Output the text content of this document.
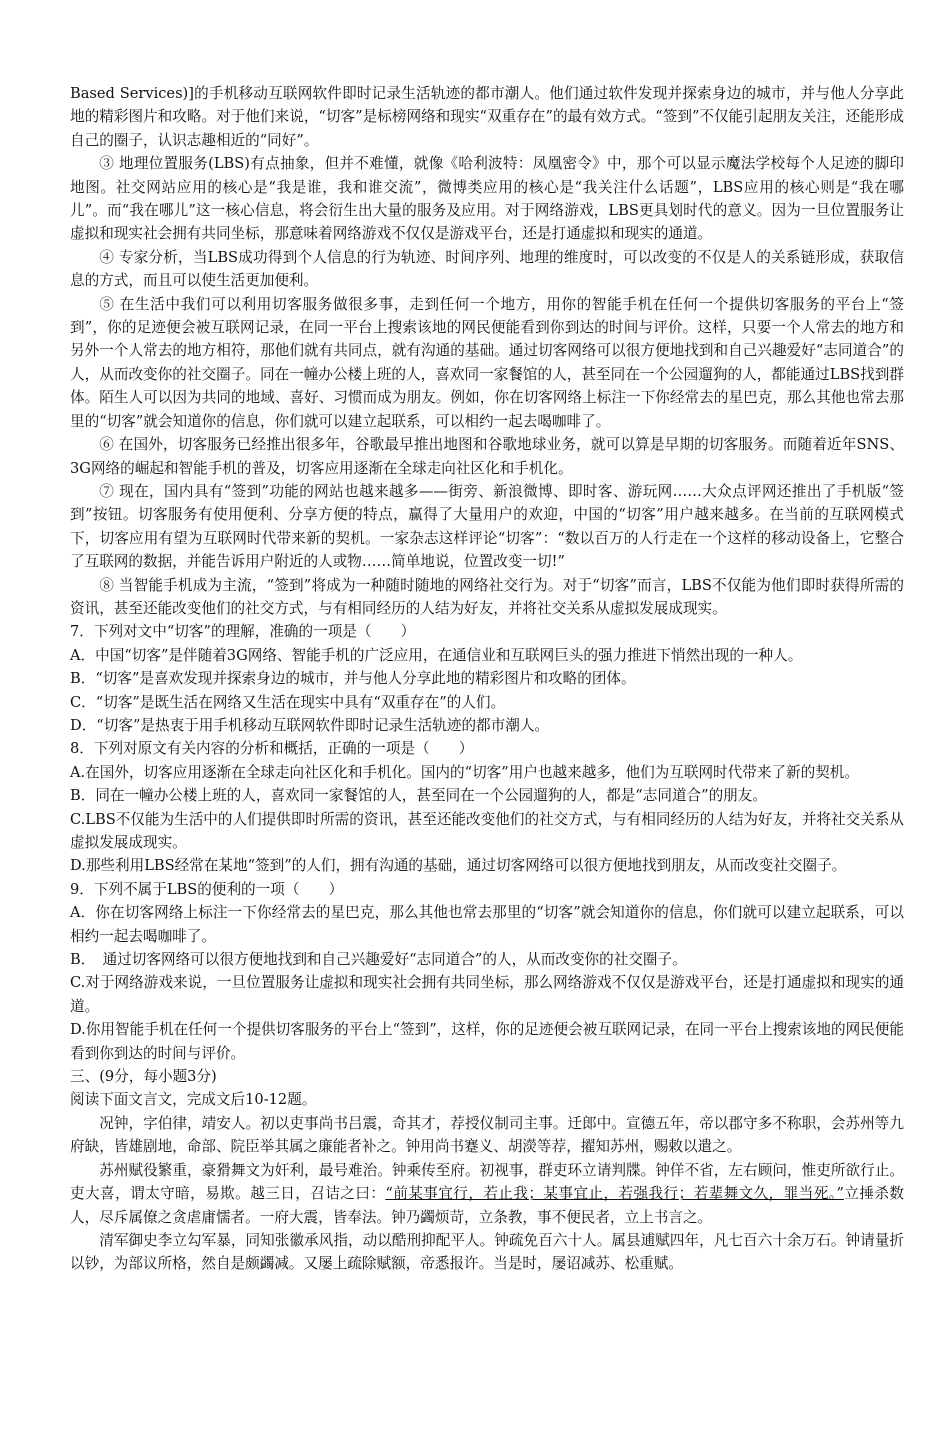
Based Services)]的手机移动互联网软件即时记录生活轨迹的都市潮人。他们通过软件发现并探索身边的城市，并与他人分享此地的精彩图片和攻略。对于他们来说，“切客”是标榜网络和现实“双重存在”的最有效方式。“签到”不仅能引起朋友关注，还能形成自己的圈子，认识志趣相近的“同好”。

③ 地理位置服务(LBS)有点抽象，但并不难懂，就像《哈利波特：凤凰密令》中，那个可以显示魔法学校每个人足迹的脚印地图。社交网站应用的核心是“我是谁，我和谁交流”，微博类应用的核心是“我关注什么话题”，LBS应用的核心则是“我在哪儿”。而“我在哪儿”这一核心信息，将会衍生出大量的服务及应用。对于网络游戏，LBS更具划时代的意义。因为一旦位置服务让虚拟和现实社会拥有共同坐标，那意味着网络游戏不仅仅是游戏平台，还是打通虚拟和现实的通道。

④ 专家分析，当LBS成功得到个人信息的行为轨迹、时间序列、地理的维度时，可以改变的不仅是人的关系链形成，获取信息的方式，而且可以使生活更加便利。

⑤ 在生活中我们可以利用切客服务做很多事，走到任何一个地方，用你的智能手机在任何一个提供切客服务的平台上“签到”，你的足迹便会被互联网记录，在同一平台上搜索该地的网民便能看到你到达的时间与评价。这样，只要一个人常去的地方和另外一个人常去的地方相符，那他们就有共同点，就有沟通的基础。通过切客网络可以很方便地找到和自己兴趣爱好“志同道合”的人，从而改变你的社交圈子。同在一幢办公楼上班的人，喜欢同一家餐馆的人，甚至同在一个公园遛狗的人，都能通过LBS找到群体。陌生人可以因为共同的地域、喜好、习惯而成为朋友。例如，你在切客网络上标注一下你经常去的星巴克，那么其他也常去那里的“切客”就会知道你的信息，你们就可以建立起联系，可以相约一起去喝咖啡了。

⑥ 在国外，切客服务已经推出很多年，谷歌最早推出地图和谷歌地球业务，就可以算是早期的切客服务。而随着近年SNS、3G网络的崛起和智能手机的普及，切客应用逐渐在全球走向社区化和手机化。

⑦ 现在，国内具有“签到”功能的网站也越来越多——街旁、新浪微博、即时客、游玩网……大众点评网还推出了手机版“签到”按钮。切客服务有使用便利、分享方便的特点，赢得了大量用户的欢迎，中国的“切客”用户越来越多。在当前的互联网模式下，切客应用有望为互联网时代带来新的契机。一家杂志这样评论“切客”：“数以百万的人行走在一个这样的移动设备上，它整合了互联网的数据，并能告诉用户附近的人或物……简单地说，位置改变一切!”

⑧ 当智能手机成为主流，“签到”将成为一种随时随地的网络社交行为。对于“切客”而言，LBS不仅能为他们即时获得所需的资讯，甚至还能改变他们的社交方式，与有相同经历的人结为好友，并将社交关系从虚拟发展成现实。

7．下列对文中“切客”的理解，准确的一项是（　　）

A．中国“切客”是伴随着3G网络、智能手机的广泛应用，在通信业和互联网巨头的强力推进下悄然出现的一种人。

B．“切客”是喜欢发现并探索身边的城市，并与他人分享此地的精彩图片和攻略的团体。

C．“切客”是既生活在网络又生活在现实中具有“双重存在”的人们。

D．“切客”是热衷于用手机移动互联网软件即时记录生活轨迹的都市潮人。

8．下列对原文有关内容的分析和概括，正确的一项是（　　）

A.在国外，切客应用逐渐在全球走向社区化和手机化。国内的“切客”用户也越来越多，他们为互联网时代带来了新的契机。

B．同在一幢办公楼上班的人，喜欢同一家餐馆的人，甚至同在一个公园遛狗的人，都是“志同道合”的朋友。

C.LBS不仅能为生活中的人们提供即时所需的资讯，甚至还能改变他们的社交方式，与有相同经历的人结为好友，并将社交关系从虚拟发展成现实。

D.那些利用LBS经常在某地“签到”的人们，拥有沟通的基础，通过切客网络可以很方便地找到朋友，从而改变社交圈子。

9．下列不属于LBS的便利的一项（　　）

A．你在切客网络上标注一下你经常去的星巴克，那么其他也常去那里的“切客”就会知道你的信息，你们就可以建立起联系，可以相约一起去喝咖啡了。

B．　通过切客网络可以很方便地找到和自己兴趣爱好“志同道合”的人，从而改变你的社交圈子。

C.对于网络游戏来说，一旦位置服务让虚拟和现实社会拥有共同坐标，那么网络游戏不仅仅是游戏平台，还是打通虚拟和现实的通道。

D.你用智能手机在任何一个提供切客服务的平台上“签到”，这样，你的足迹便会被互联网记录，在同一平台上搜索该地的网民便能看到你到达的时间与评价。

三、(9分，每小题3分)

阅读下面文言文，完成文后10-12题。

况钟，字伯律，靖安人。初以吏事尚书吕震，奇其才，荐授仪制司主事。迁郎中。宣德五年，帝以郡守多不称职，会苏州等九府缺，皆雄剧地，命部、院臣举其属之廉能者补之。钟用尚书蹇义、胡濙等荐，擢知苏州，赐敕以遣之。

苏州赋役繁重，豪猾舞文为奸利，最号难治。钟乘传至府。初视事，群吏环立请判牒。钟佯不省，左右顾问，惟吏所欲行止。吏大喜，谓太守暗，易欺。越三日，召诘之曰：“前某事宜行，若止我；某事宜止，若强我行；若辈舞文久，罪当死。”立捶杀数人，尽斥属僚之贪虐庸懦者。一府大震，皆奉法。钟乃蠲烦苛，立条教，事不便民者，立上书言之。

清军御史李立勾军暴，同知张徽承风指，动以酷刑抑配平人。钟疏免百六十人。属县逋赋四年，凡七百六十余万石。钟请量折以钞，为部议所格，然自是颇蠲减。又屡上疏除赋额，帝悉报许。当是时，屡诏减苏、松重赋。
